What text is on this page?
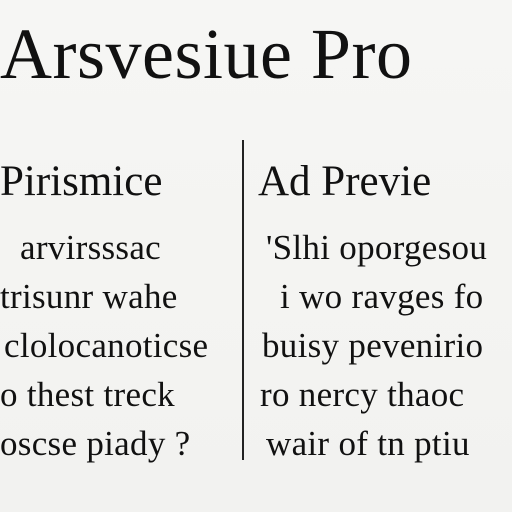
Arsvesiue Pro
Pirismice
arvirsssac
trisunr wahe
clolocanoticse
o thest treck
oscse piady ?
Ad Previe
'Slhi oporgesou
i wo ravges fo
buisy pevenirio
ro nercy thaoc
wair of tn ptiu
